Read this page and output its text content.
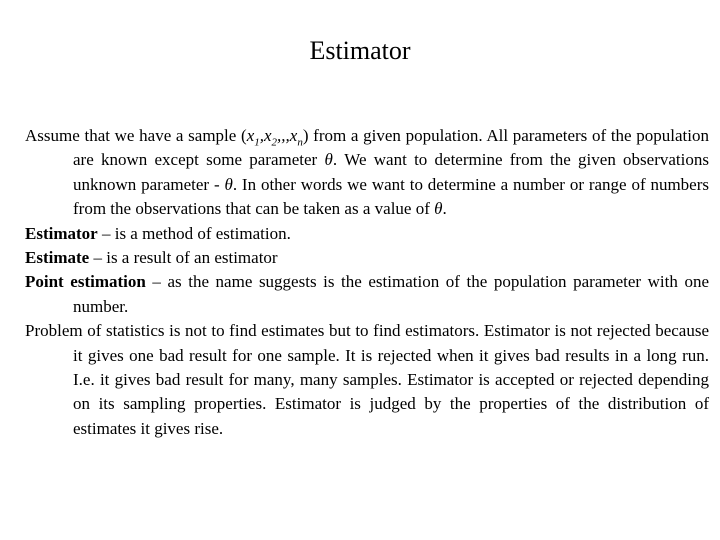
Estimator

Assume that we have a sample $(x_1,x_2,,,x_n)$ from a given population. All parameters of the population are known except some parameter θ. We want to determine from the given observations unknown parameter - θ. In other words we want to determine a number or range of numbers from the observations that can be taken as a value of θ.

Estimator – is a method of estimation.

Estimate – is a result of an estimator

Point estimation – as the name suggests is the estimation of the population parameter with one number.

Problem of statistics is not to find estimates but to find estimators. Estimator is not rejected because it gives one bad result for one sample. It is rejected when it gives bad results in a long run. I.e. it gives bad result for many, many samples. Estimator is accepted or rejected depending on its sampling properties. Estimator is judged by the properties of the distribution of estimates it gives rise.
